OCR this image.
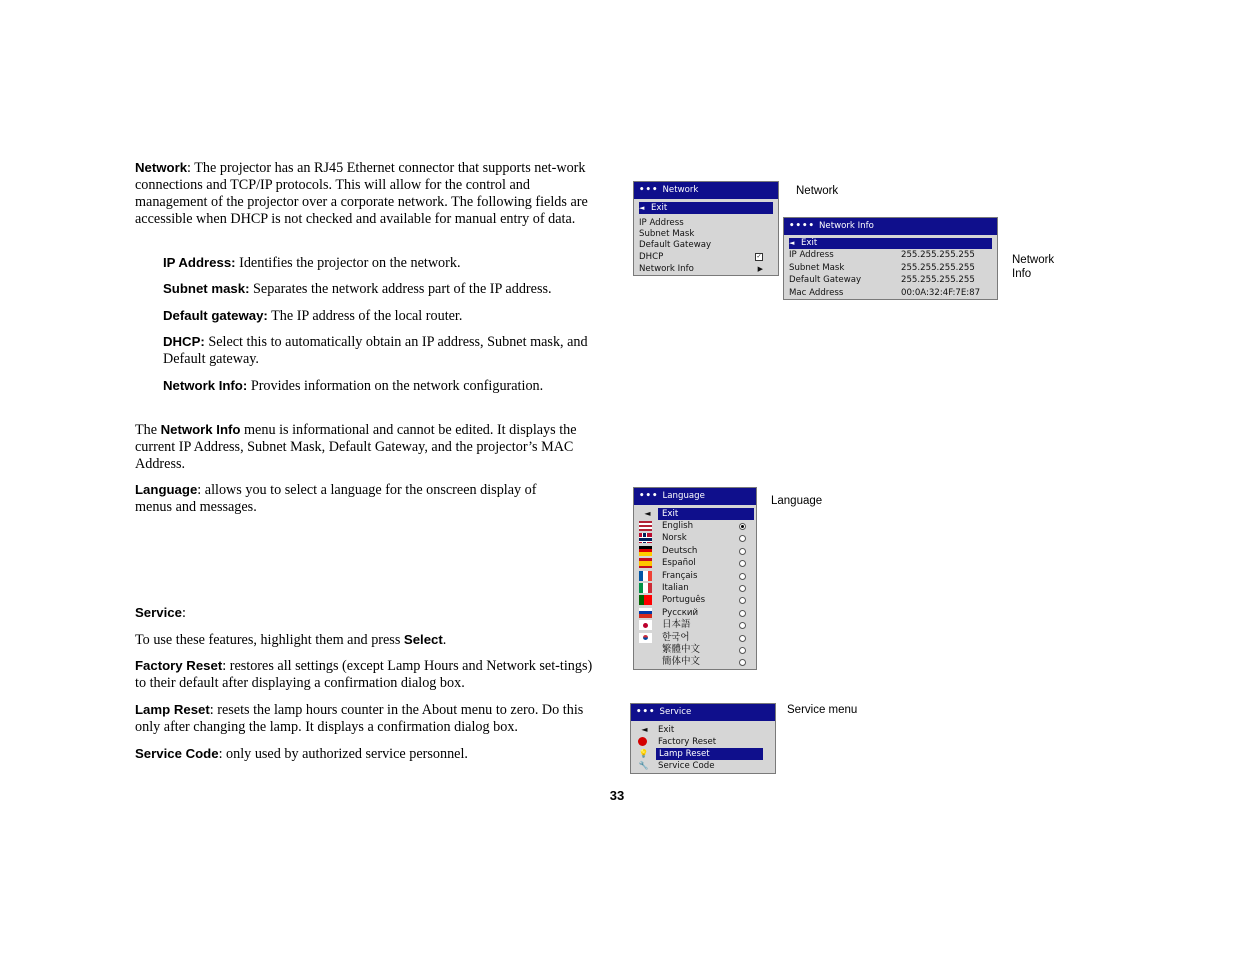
Network: The projector has an RJ45 Ethernet connector that supports net-work connections and TCP/IP protocols. This will allow for the control and management of the projector over a corporate network. The following fields are accessible when DHCP is not checked and available for manual entry of data.
IP Address: Identifies the projector on the network.
Subnet mask: Separates the network address part of the IP address.
Default gateway: The IP address of the local router.
DHCP: Select this to automatically obtain an IP address, Subnet mask, and Default gateway.
Network Info: Provides information on the network configuration.
The Network Info menu is informational and cannot be edited. It displays the current IP Address, Subnet Mask, Default Gateway, and the projector’s MAC Address.
Language: allows you to select a language for the onscreen display of menus and messages.
Service:
To use these features, highlight them and press Select.
Factory Reset: restores all settings (except Lamp Hours and Network set-tings) to their default after displaying a confirmation dialog box.
Lamp Reset: resets the lamp hours counter in the About menu to zero. Do this only after changing the lamp. It displays a confirmation dialog box.
Service Code: only used by authorized service personnel.
••• Network
◄ Exit
IP Address
Subnet Mask
Default Gateway
DHCP	✓
Network Info	▶
Network
•••• Network Info
◄ Exit
IP Address	255.255.255.255
Subnet Mask	255.255.255.255
Default Gateway	255.255.255.255
Mac Address	00:0A:32:4F:7E:87
Network Info
••• Language
◄	Exit
English
Norsk
Deutsch
Español
Français
Italian
Português
Pусский
日本語
한국어
繁體中文
簡体中文
Language
••• Service
◄ Exit
Factory Reset
💡	Lamp Reset
🔧 Service Code
Service menu
33
